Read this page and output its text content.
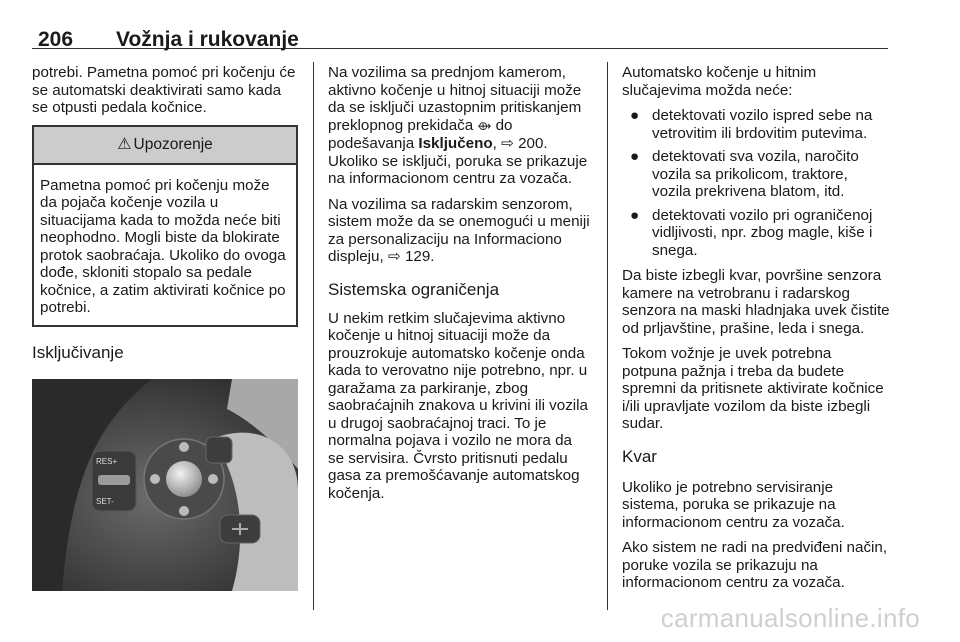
206 Vožnja i rukovanje

potrebi. Pametna pomoć pri kočenju će se automatski deaktivirati samo kada se otpusti pedala kočnice.

⚠ Upozorenje
Pametna pomoć pri kočenju može da pojača kočenje vozila u situacijama kada to možda neće biti neophodno. Mogli biste da blokirate protok saobraćaja. Ukoliko do ovoga dođe, skloniti stopalo sa pedale kočnice, a zatim aktivirati kočnice po potrebi.
Isključivanje
RES+
SET-

Na vozilima sa prednjom kamerom, aktivno kočenje u hitnoj situaciji može da se isključi uzastopnim pritiskanjem preklopnog prekidača ⟴ do podešavanja Isključeno, ⇨ 200. Ukoliko se isključi, poruka se prikazuje na informacionom centru za vozača.

Na vozilima sa radarskim senzorom, sistem može da se onemogući u meniji za personalizaciju na Informaciono displeju, ⇨ 129.

Sistemska ograničenja

U nekim retkim slučajevima aktivno kočenje u hitnoj situaciji može da prouzrokuje automatsko kočenje onda kada to verovatno nije potrebno, npr. u garažama za parkiranje, zbog saobraćajnih znakova u krivini ili vozila u drugoj saobraćajnoj traci. To je normalna pojava i vozilo ne mora da se servisira. Čvrsto pritisnuti pedalu gasa za premošćavanje automatskog kočenja.

Automatsko kočenje u hitnim slučajevima možda neće:

● detektovati vozilo ispred sebe na vetrovitim ili brdovitim putevima.
● detektovati sva vozila, naročito vozila sa prikolicom, traktore, vozila prekrivena blatom, itd.
● detektovati vozilo pri ograničenoj vidljivosti, npr. zbog magle, kiše i snega.

Da biste izbegli kvar, površine senzora kamere na vetrobranu i radarskog senzora na maski hladnjaka uvek čistite od prljavštine, prašine, leda i snega.

Tokom vožnje je uvek potrebna potpuna pažnja i treba da budete spremni da pritisnete aktivirate kočnice i/ili upravljate vozilom da biste izbegli sudar.

Kvar

Ukoliko je potrebno servisiranje sistema, poruka se prikazuje na informacionom centru za vozača.

Ako sistem ne radi na predviđeni način, poruke vozila se prikazuju na informacionom centru za vozača.

carmanualsonline.info
